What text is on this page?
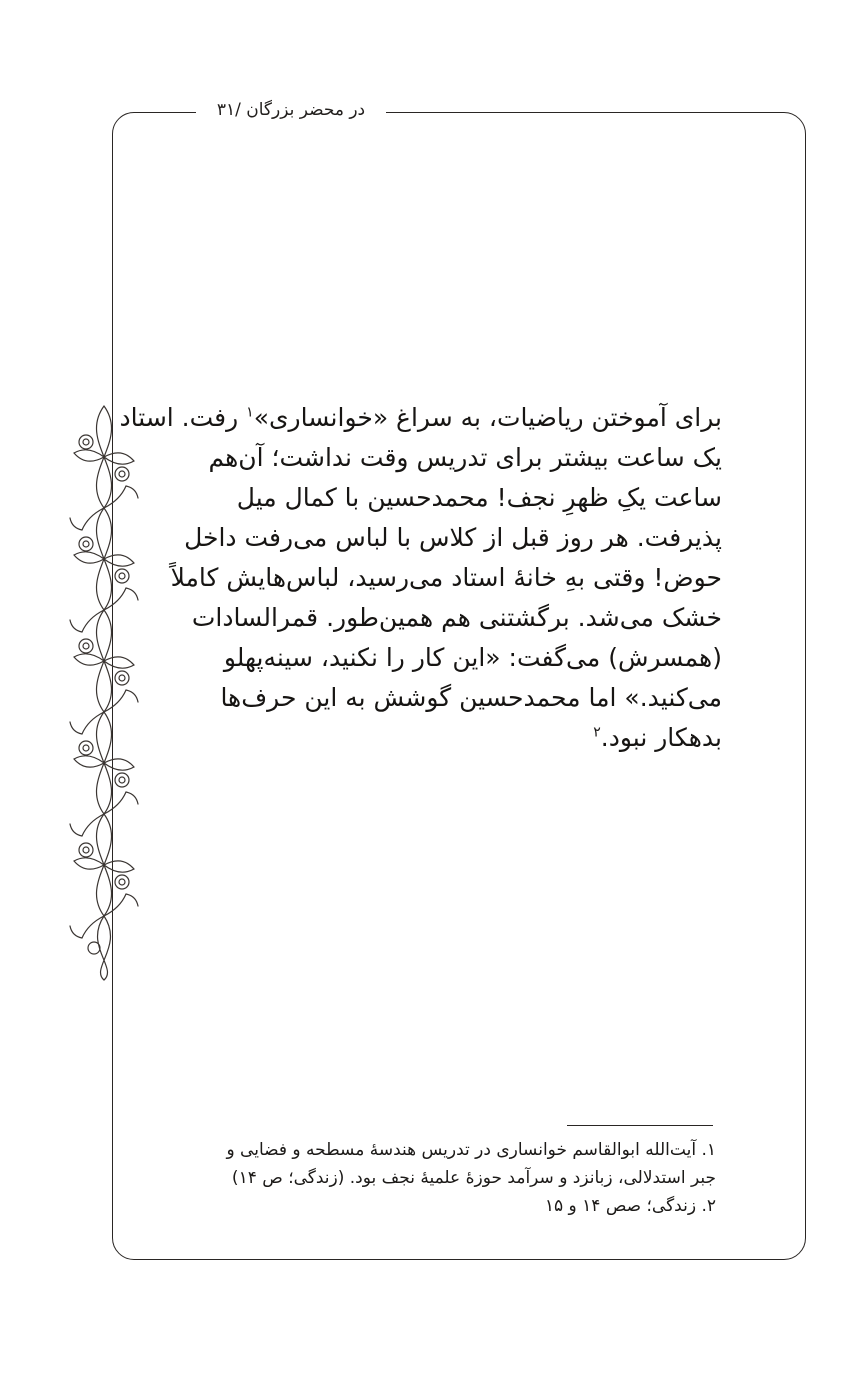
در محضر بزرگان /۳۱
برای آموختن ریاضیات، به سراغ «خوانساری»$^۱$ رفت. استاد
یک ساعت بیشتر برای تدریس وقت نداشت؛ آن‌هم
ساعت یکِ ظهرِ نجف! محمدحسین با کمال میل
پذیرفت. هر روز قبل از کلاس با لباس می‌رفت داخل
حوض! وقتی بهِ خانهٔ استاد می‌رسید، لباس‌هایش کاملاً
خشک می‌شد. برگشتنی هم همین‌طور. قمرالسادات
(همسرش) می‌گفت: «این کار را نکنید، سینه‌پهلو
می‌کنید.» اما محمدحسین گوشش به این حرف‌ها
بدهکار نبود.$^۲$
۱. آیت‌الله ابوالقاسم خوانساری در تدریس هندسهٔ مسطحه و فضایی و
جبر استدلالی، زبانزد و سرآمد حوزهٔ علمیهٔ نجف بود. (زندگی؛ ص ۱۴)
۲. زندگی؛ صص ۱۴ و ۱۵
